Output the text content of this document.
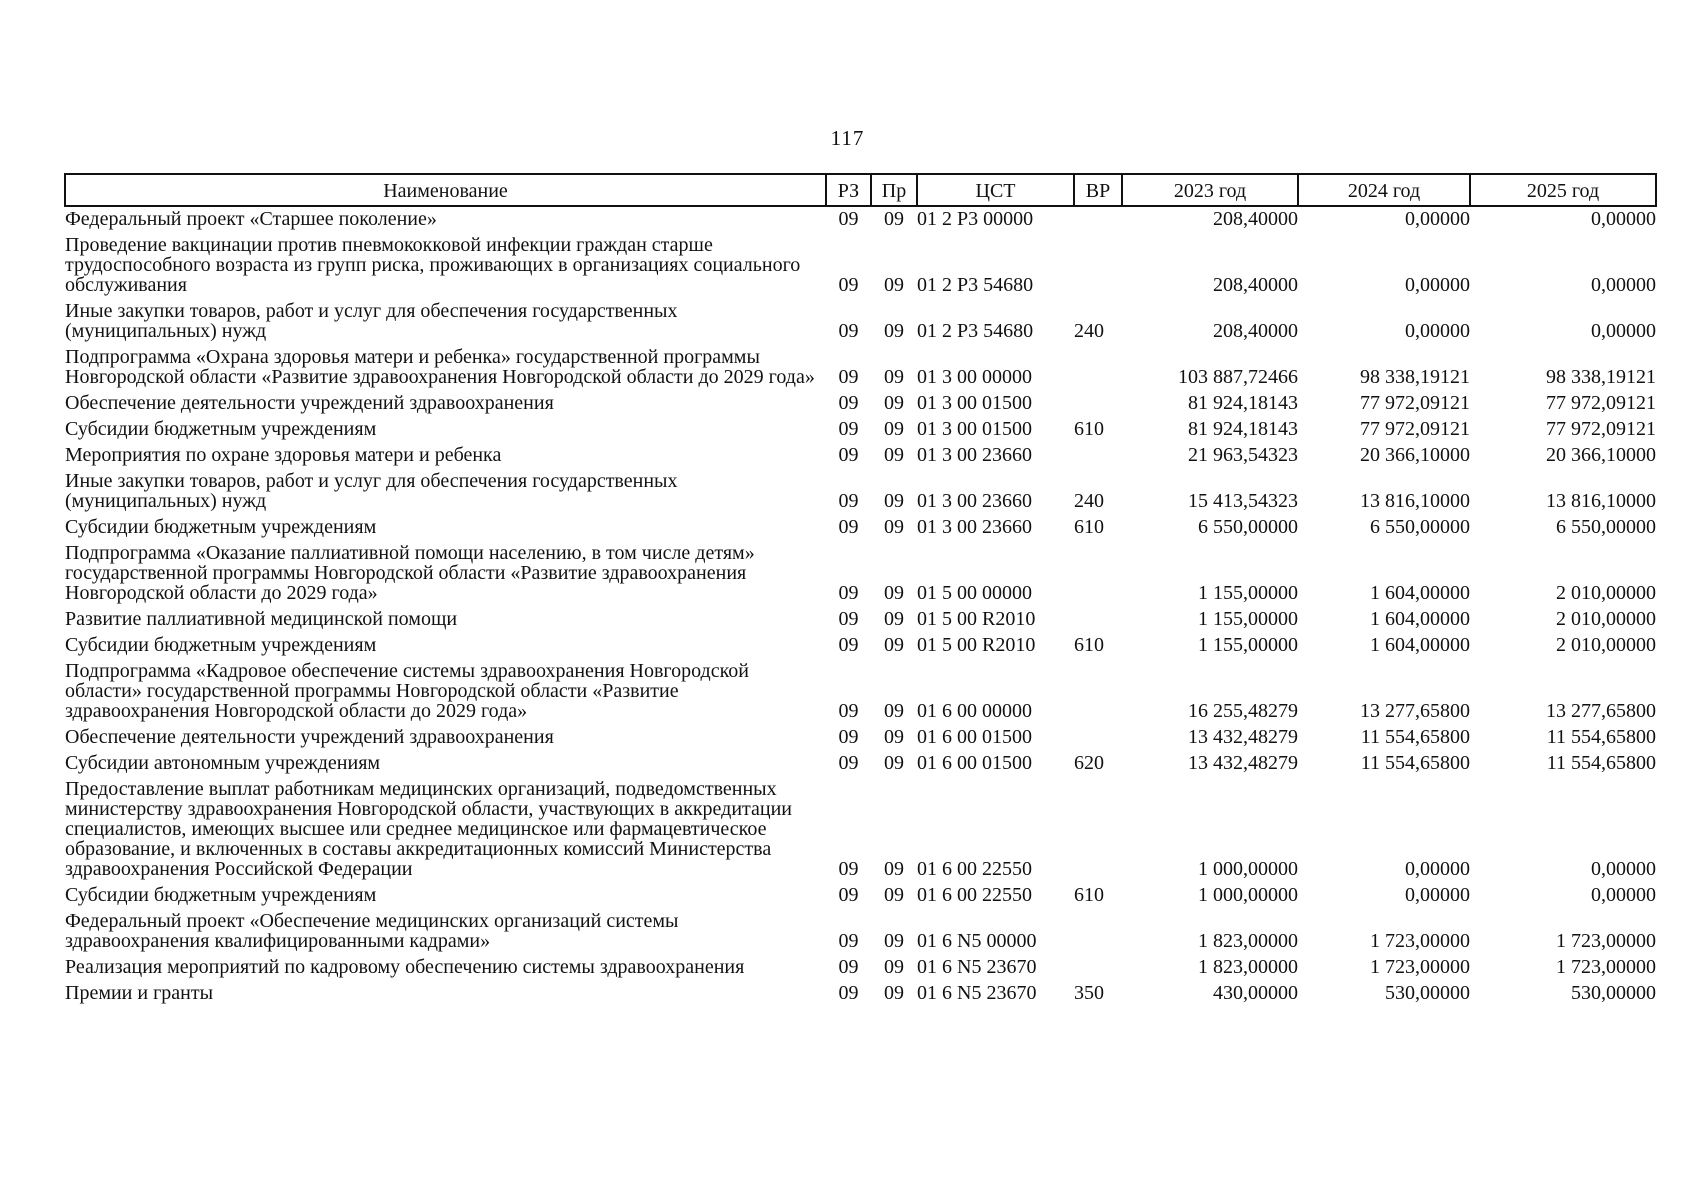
117
Наименование	РЗ	Пр	ЦСТ	ВР	2023 год	2024 год	2025 год
Федеральный проект «Старшее поколение»	09	09	01 2 P3 00000		208,40000	0,00000	0,00000
Проведение вакцинации против пневмококковой инфекции граждан старше трудоспособного возраста из групп риска, проживающих в организациях социального обслуживания	09	09	01 2 P3 54680		208,40000	0,00000	0,00000
Иные закупки товаров, работ и услуг для обеспечения государственных (муниципальных) нужд	09	09	01 2 P3 54680	240	208,40000	0,00000	0,00000
Подпрограмма «Охрана здоровья матери и ребенка» государственной программы Новгородской области «Развитие здравоохранения Новгородской области до 2029 года»	09	09	01 3 00 00000		103 887,72466	98 338,19121	98 338,19121
Обеспечение деятельности учреждений здравоохранения	09	09	01 3 00 01500		81 924,18143	77 972,09121	77 972,09121
Субсидии бюджетным учреждениям	09	09	01 3 00 01500	610	81 924,18143	77 972,09121	77 972,09121
Мероприятия по охране здоровья матери и ребенка	09	09	01 3 00 23660		21 963,54323	20 366,10000	20 366,10000
Иные закупки товаров, работ и услуг для обеспечения государственных (муниципальных) нужд	09	09	01 3 00 23660	240	15 413,54323	13 816,10000	13 816,10000
Субсидии бюджетным учреждениям	09	09	01 3 00 23660	610	6 550,00000	6 550,00000	6 550,00000
Подпрограмма «Оказание паллиативной помощи населению, в том числе детям» государственной программы Новгородской области «Развитие здравоохранения Новгородской области до 2029 года»	09	09	01 5 00 00000		1 155,00000	1 604,00000	2 010,00000
Развитие паллиативной медицинской помощи	09	09	01 5 00 R2010		1 155,00000	1 604,00000	2 010,00000
Субсидии бюджетным учреждениям	09	09	01 5 00 R2010	610	1 155,00000	1 604,00000	2 010,00000
Подпрограмма «Кадровое обеспечение системы здравоохранения Новгородской области» государственной программы Новгородской области «Развитие здравоохранения Новгородской области до 2029 года»	09	09	01 6 00 00000		16 255,48279	13 277,65800	13 277,65800
Обеспечение деятельности учреждений здравоохранения	09	09	01 6 00 01500		13 432,48279	11 554,65800	11 554,65800
Субсидии автономным учреждениям	09	09	01 6 00 01500	620	13 432,48279	11 554,65800	11 554,65800
Предоставление выплат работникам медицинских организаций, подведомственных министерству здравоохранения Новгородской области, участвующих в аккредитации специалистов, имеющих высшее или среднее медицинское или фармацевтическое образование, и включенных в составы аккредитационных комиссий Министерства здравоохранения Российской Федерации	09	09	01 6 00 22550		1 000,00000	0,00000	0,00000
Субсидии бюджетным учреждениям	09	09	01 6 00 22550	610	1 000,00000	0,00000	0,00000
Федеральный проект «Обеспечение медицинских организаций системы здравоохранения квалифицированными кадрами»	09	09	01 6 N5 00000		1 823,00000	1 723,00000	1 723,00000
Реализация мероприятий по кадровому обеспечению системы здравоохранения	09	09	01 6 N5 23670		1 823,00000	1 723,00000	1 723,00000
Премии и гранты	09	09	01 6 N5 23670	350	430,00000	530,00000	530,00000
